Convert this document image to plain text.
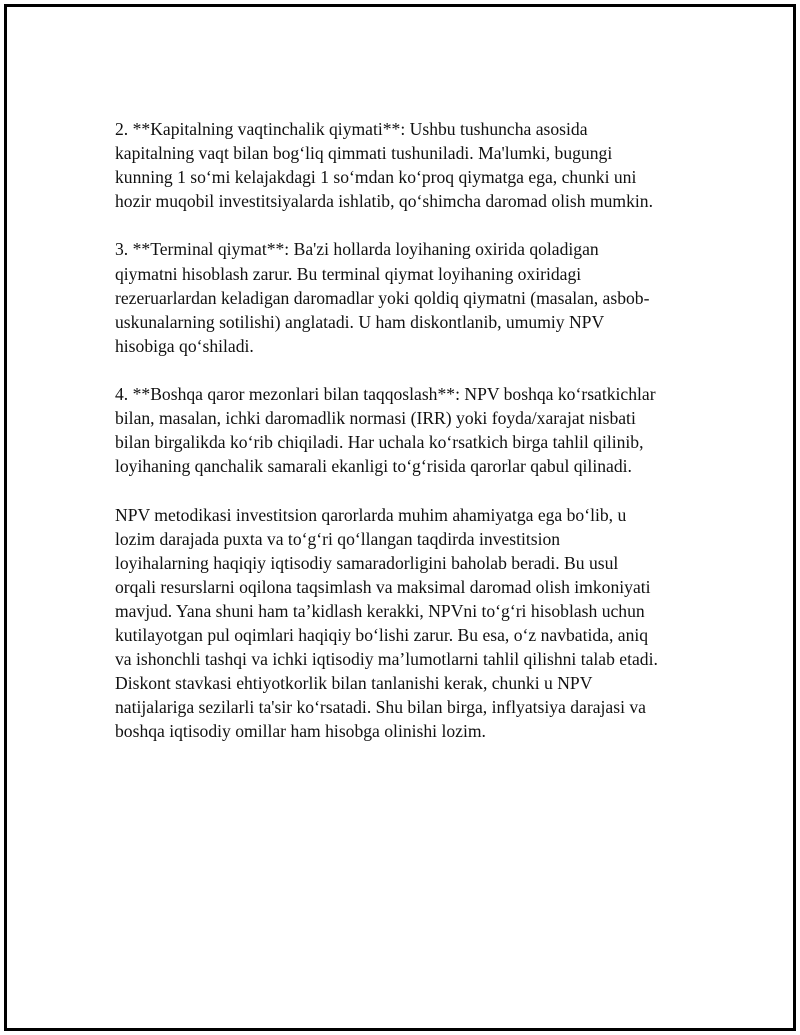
2. **Kapitalning vaqtinchalik qiymati**: Ushbu tushuncha asosida
kapitalning vaqt bilan bog‘liq qimmati tushuniladi. Ma'lumki, bugungi
kunning 1 so‘mi kelajakdagi 1 so‘mdan ko‘proq qiymatga ega, chunki uni
hozir muqobil investitsiyalarda ishlatib, qo‘shimcha daromad olish mumkin.

3. **Terminal qiymat**: Ba'zi hollarda loyihaning oxirida qoladigan
qiymatni hisoblash zarur. Bu terminal qiymat loyihaning oxiridagi
rezeruarlardan keladigan daromadlar yoki qoldiq qiymatni (masalan, asbob-
uskunalarning sotilishi) anglatadi. U ham diskontlanib, umumiy NPV
hisobiga qo‘shiladi.

4. **Boshqa qaror mezonlari bilan taqqoslash**: NPV boshqa ko‘rsatkichlar
bilan, masalan, ichki daromadlik normasi (IRR) yoki foyda/xarajat nisbati
bilan birgalikda ko‘rib chiqiladi. Har uchala ko‘rsatkich birga tahlil qilinib,
loyihaning qanchalik samarali ekanligi to‘g‘risida qarorlar qabul qilinadi.

NPV metodikasi investitsion qarorlarda muhim ahamiyatga ega bo‘lib, u
lozim darajada puxta va to‘g‘ri qo‘llangan taqdirda investitsion
loyihalarning haqiqiy iqtisodiy samaradorligini baholab beradi. Bu usul
orqali resurslarni oqilona taqsimlash va maksimal daromad olish imkoniyati
mavjud. Yana shuni ham ta’kidlash kerakki, NPVni to‘g‘ri hisoblash uchun
kutilayotgan pul oqimlari haqiqiy bo‘lishi zarur. Bu esa, o‘z navbatida, aniq
va ishonchli tashqi va ichki iqtisodiy ma’lumotlarni tahlil qilishni talab etadi.
Diskont stavkasi ehtiyotkorlik bilan tanlanishi kerak, chunki u NPV
natijalariga sezilarli ta'sir ko‘rsatadi. Shu bilan birga, inflyatsiya darajasi va
boshqa iqtisodiy omillar ham hisobga olinishi lozim.
